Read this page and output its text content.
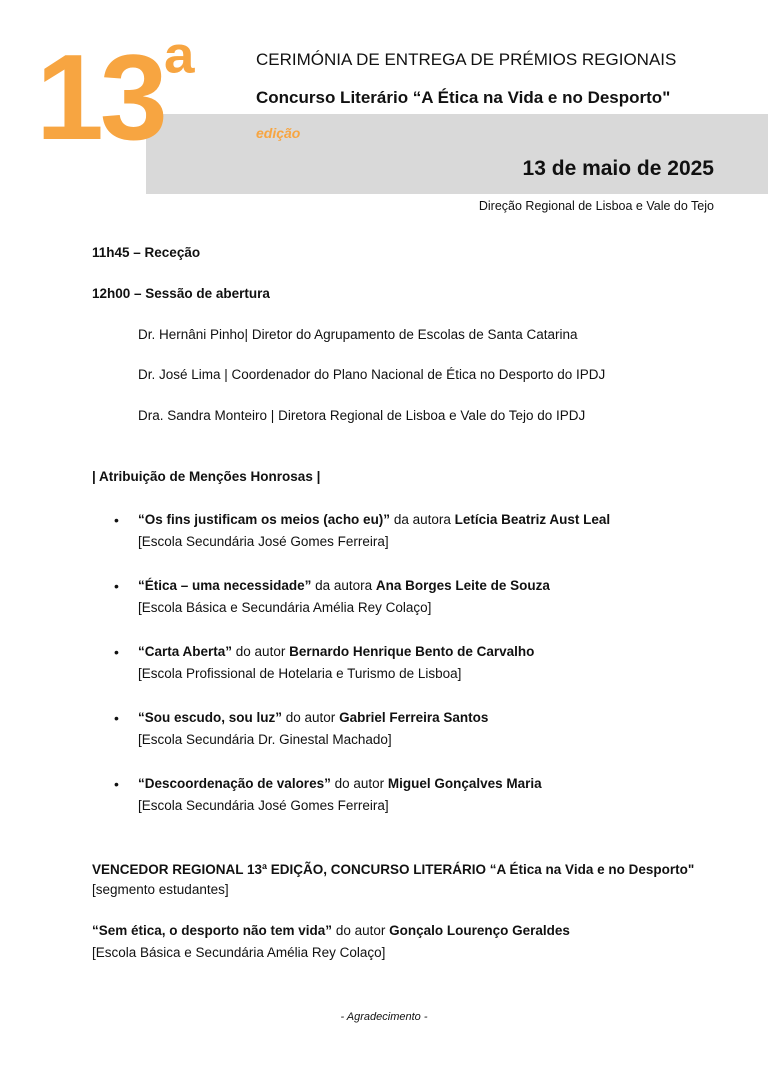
$13^ª$	CERIMÓNIA DE ENTREGA DE PRÉMIOS REGIONAIS
Concurso Literário “A Ética na Vida e no Desporto"
edição
13 de maio de 2025
Direção Regional de Lisboa e Vale do Tejo
11h45 – Receção
12h00 – Sessão de abertura
Dr. Hernâni Pinho| Diretor do Agrupamento de Escolas de Santa Catarina
Dr. José Lima | Coordenador do Plano Nacional de Ética no Desporto do IPDJ
Dra. Sandra Monteiro | Diretora Regional de Lisboa e Vale do Tejo do IPDJ
| Atribuição de Menções Honrosas |
• “Os fins justificam os meios (acho eu)” da autora Letícia Beatriz Aust Leal
[Escola Secundária José Gomes Ferreira]
• “Ética – uma necessidade” da autora Ana Borges Leite de Souza
[Escola Básica e Secundária Amélia Rey Colaço]
• “Carta Aberta” do autor Bernardo Henrique Bento de Carvalho
[Escola Profissional de Hotelaria e Turismo de Lisboa]
• “Sou escudo, sou luz” do autor Gabriel Ferreira Santos
[Escola Secundária Dr. Ginestal Machado]
• “Descoordenação de valores” do autor Miguel Gonçalves Maria
[Escola Secundária José Gomes Ferreira]
VENCEDOR REGIONAL 13ª EDIÇÃO, CONCURSO LITERÁRIO “A Ética na Vida e no Desporto"
[segmento estudantes]
“Sem ética, o desporto não tem vida” do autor Gonçalo Lourenço Geraldes
[Escola Básica e Secundária Amélia Rey Colaço]
- Agradecimento -
